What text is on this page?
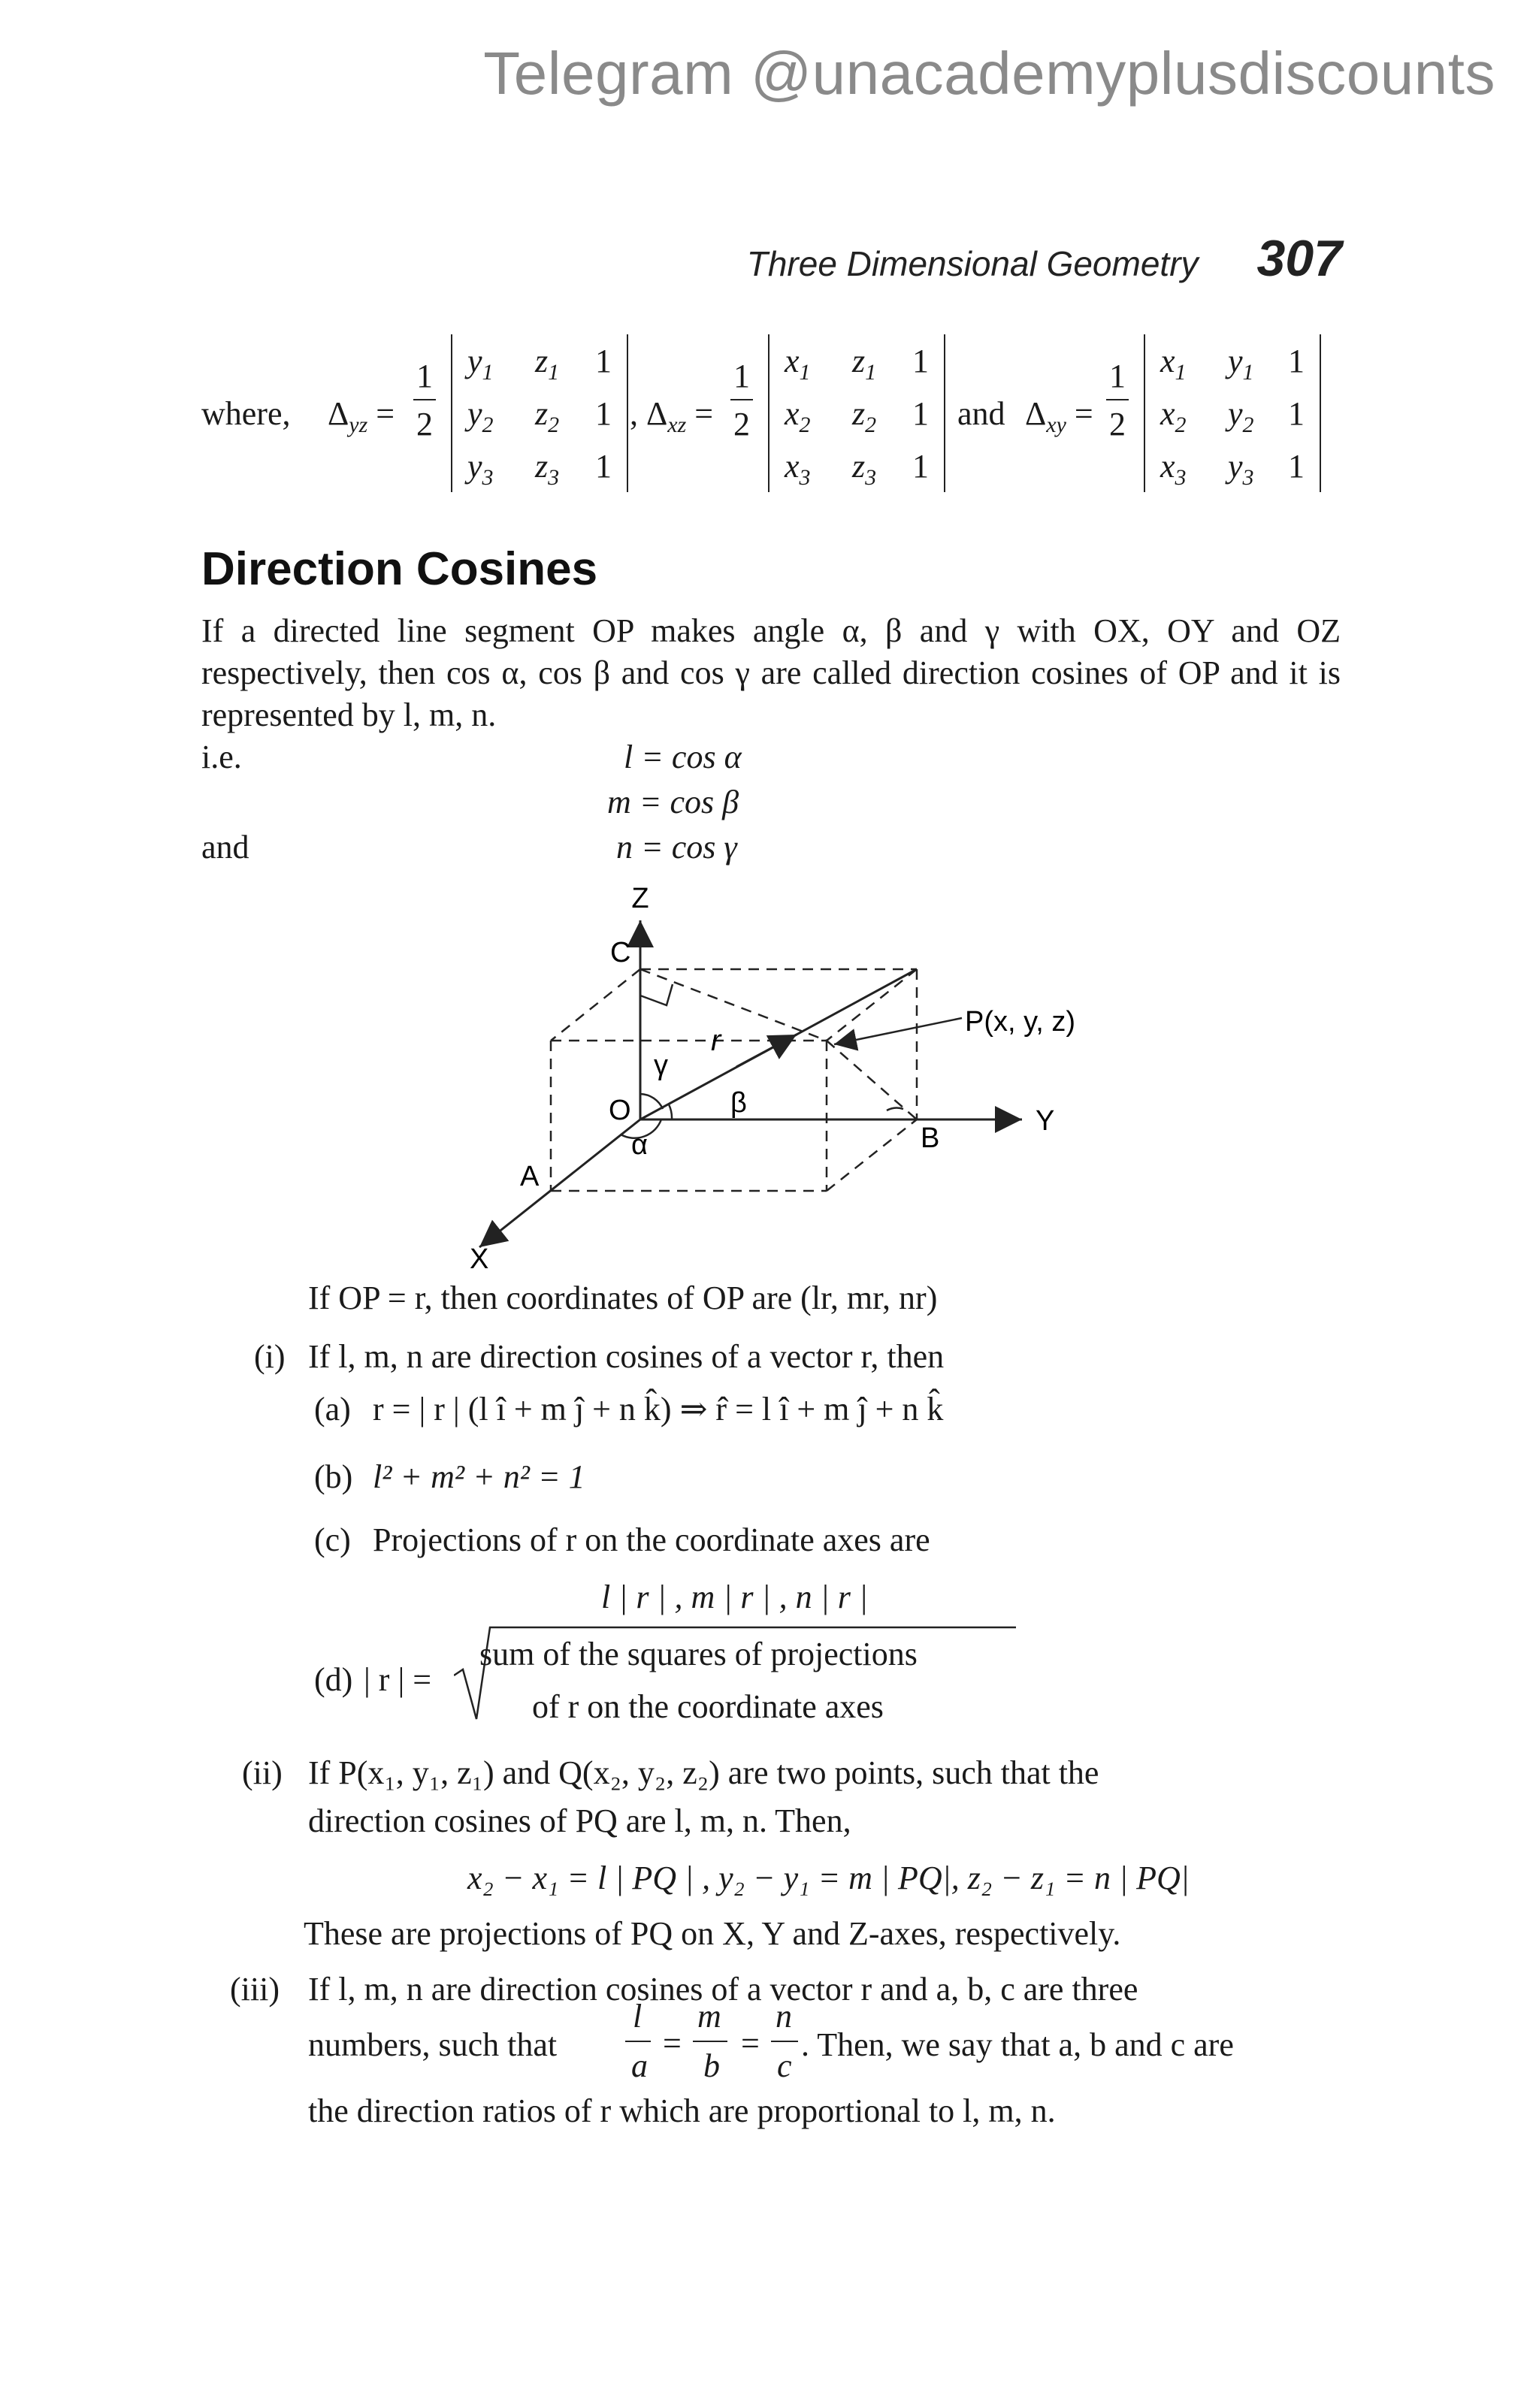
Telegram @unacademyplusdiscounts
Three Dimensional Geometry 307
where, $\Delta_{yz}$ =
1
2
$y_1$ $z_1$ 1
$y_2$ $z_2$ 1
$y_3$ $z_3$ 1
, $\Delta_{xz}$ =
1
2
$x_1$ $z_1$ 1
$x_2$ $z_2$ 1
$x_3$ $z_3$ 1
and $\Delta_{xy}$ =
1
2
$x_1$ $y_1$ 1
$x_2$ $y_2$ 1
$x_3$ $y_3$ 1
Direction Cosines
If a directed line segment OP makes angle α, β and γ with OX, OY and OZ respectively, then cos α, cos β and cos γ are called direction cosines of OP and it is represented by l, m, n.
i.e.	l = cos α
m = cos β
and	n = cos γ
Z
C
P(x, y, z)
r
γ
O	β
α
A
B
Y
X
If OP = r, then coordinates of OP are (lr, mr, nr)
(i) If l, m, n are direction cosines of a vector r, then
(a) r = | r | (l î + m ĵ + n k̂) ⇒ r̂ = l î + m ĵ + n k̂
(b) l² + m² + n² = 1
(c) Projections of r on the coordinate axes are
l | r | , m | r | , n | r |
(d) | r | =
sum of the squares of projections
of r on the coordinate axes
(ii) If P(x₁, y₁, z₁) and Q(x₂, y₂, z₂) are two points, such that the
direction cosines of PQ are l, m, n. Then,
x₂ − x₁ = l | PQ | , y₂ − y₁ = m | PQ|, z₂ − z₁ = n | PQ|
These are projections of PQ on X, Y and Z-axes, respectively.
(iii) If l, m, n are direction cosines of a vector r and a, b, c are three
numbers, such that
l
a
=
m
b
=
n
c
. Then, we say that a, b and c are
the direction ratios of r which are proportional to l, m, n.
